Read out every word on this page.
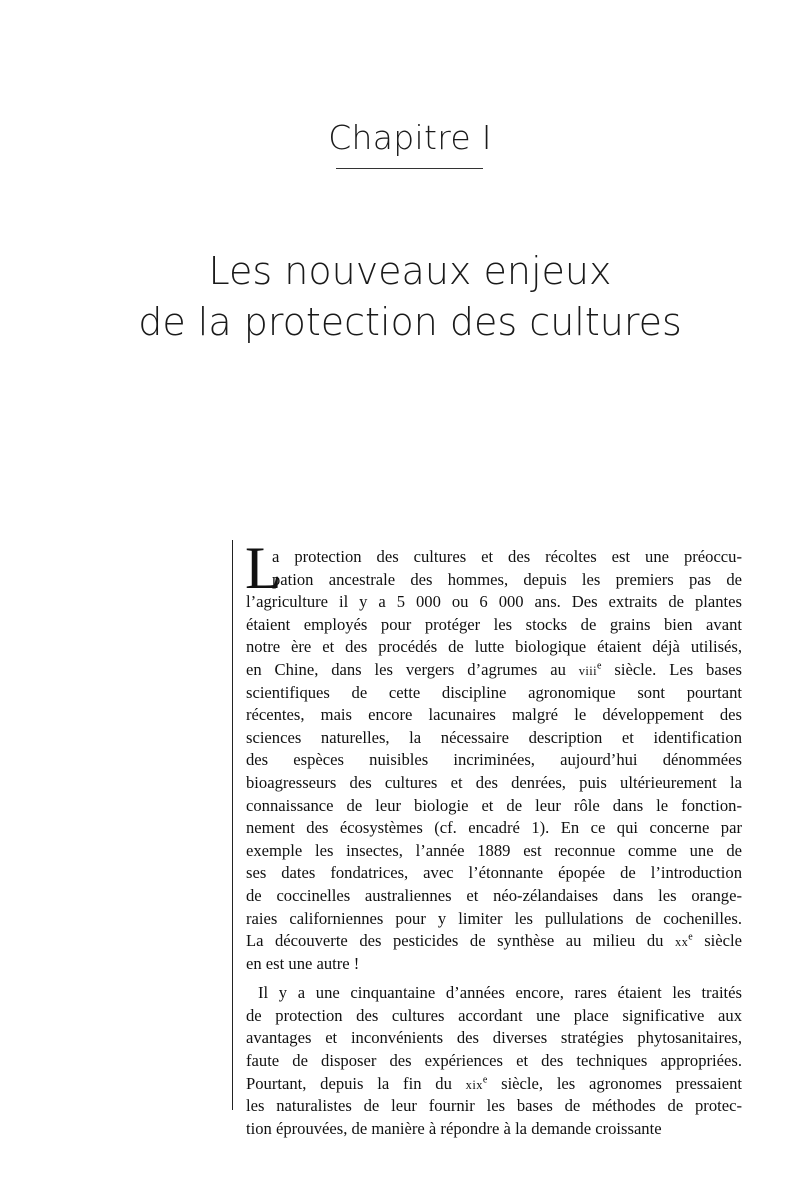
Chapitre I
Les nouveaux enjeux
de la protection des cultures
L
a protection des cultures et des récoltes est une préoccu-
pation ancestrale des hommes, depuis les premiers pas de
l’agriculture il y a 5 000 ou 6 000 ans. Des extraits de plantes
étaient employés pour protéger les stocks de grains bien avant
notre ère et des procédés de lutte biologique étaient déjà utilisés,
en Chine, dans les vergers d’agrumes au viii$^e$ siècle. Les bases
scientifiques de cette discipline agronomique sont pourtant
récentes, mais encore lacunaires malgré le développement des
sciences naturelles, la nécessaire description et identification
des espèces nuisibles incriminées, aujourd’hui dénommées
bioagresseurs des cultures et des denrées, puis ultérieurement la
connaissance de leur biologie et de leur rôle dans le fonction-
nement des écosystèmes (cf. encadré 1). En ce qui concerne par
exemple les insectes, l’année 1889 est reconnue comme une de
ses dates fondatrices, avec l’étonnante épopée de l’introduction
de coccinelles australiennes et néo-zélandaises dans les orange-
raies californiennes pour y limiter les pullulations de cochenilles.
La découverte des pesticides de synthèse au milieu du $xx^e$ siècle
en est une autre !
Il y a une cinquantaine d’années encore, rares étaient les traités
de protection des cultures accordant une place significative aux
avantages et inconvénients des diverses stratégies phytosanitaires,
faute de disposer des expériences et des techniques appropriées.
Pourtant, depuis la fin du xix$^e$ siècle, les agronomes pressaient
les naturalistes de leur fournir les bases de méthodes de protec-
tion éprouvées, de manière à répondre à la demande croissante
